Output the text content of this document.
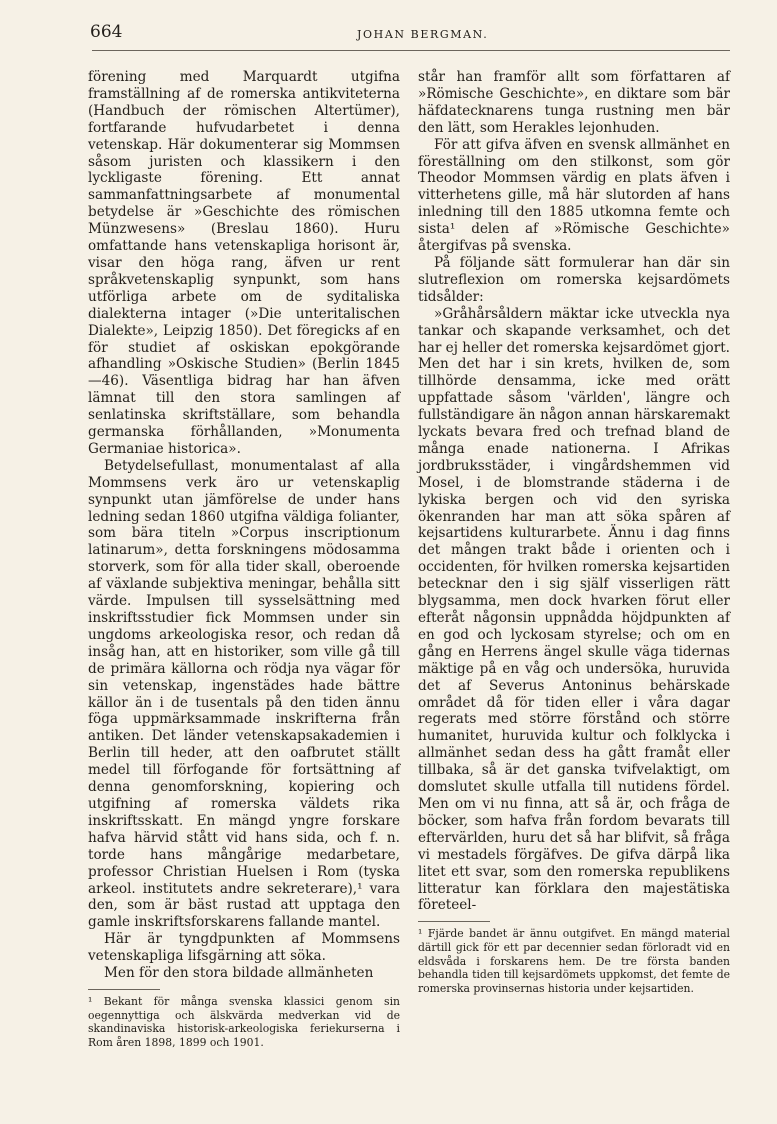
664	JOHAN BERGMAN.

förening med Marquardt utgifna framställning af de romerska antikviteterna (Handbuch der römischen Altertümer), fortfarande hufvudarbetet i denna vetenskap. Här dokumenterar sig Mommsen såsom juristen och klassikern i den lyckligaste förening. Ett annat sammanfattningsarbete af monumental betydelse är »Geschichte des römischen Münzwesens» (Breslau 1860). Huru omfattande hans vetenskapliga horisont är, visar den höga rang, äfven ur rent språkvetenskaplig synpunkt, som hans utförliga arbete om de syditaliska dialekterna intager (»Die unteritalischen Dialekte», Leipzig 1850). Det föregicks af en för studiet af oskiskan epokgörande afhandling »Oskische Studien» (Berlin 1845—46). Väsentliga bidrag har han äfven lämnat till den stora samlingen af senlatinska skriftställare, som behandla germanska förhållanden, »Monumenta Germaniae historica».

Betydelsefullast, monumentalast af alla Mommsens verk äro ur vetenskaplig synpunkt utan jämförelse de under hans ledning sedan 1860 utgifna väldiga folianter, som bära titeln »Corpus inscriptionum latinarum», detta forskningens mödosamma storverk, som för alla tider skall, oberoende af växlande subjektiva meningar, behålla sitt värde. Impulsen till sysselsättning med inskriftsstudier fick Mommsen under sin ungdoms arkeologiska resor, och redan då insåg han, att en historiker, som ville gå till de primära källorna och rödja nya vägar för sin vetenskap, ingenstädes hade bättre källor än i de tusentals på den tiden ännu föga uppmärksammade inskrifterna från antiken. Det länder vetenskapsakademien i Berlin till heder, att den oafbrutet ställt medel till förfogande för fortsättning af denna genomforskning, kopiering och utgifning af romerska väldets rika inskriftsskatt. En mängd yngre forskare hafva härvid stått vid hans sida, och f. n. torde hans mångårige medarbetare, professor Christian Huelsen i Rom (tyska arkeol. institutets andre sekreterare),¹ vara den, som är bäst rustad att upptaga den gamle inskriftsforskarens fallande mantel.

Här är tyngdpunkten af Mommsens vetenskapliga lifsgärning att söka.

Men för den stora bildade allmänheten

¹ Bekant för många svenska klassici genom sin oegennyttiga och älskvärda medverkan vid de skandinaviska historisk-arkeologiska feriekurserna i Rom åren 1898, 1899 och 1901.

står han framför allt som författaren af »Römische Geschichte», en diktare som bär häfdatecknarens tunga rustning men bär den lätt, som Herakles lejonhuden.

För att gifva äfven en svensk allmänhet en föreställning om den stilkonst, som gör Theodor Mommsen värdig en plats äfven i vitterhetens gille, må här slutorden af hans inledning till den 1885 utkomna femte och sista¹ delen af »Römische Geschichte» återgifvas på svenska.

På följande sätt formulerar han där sin slutreflexion om romerska kejsardömets tidsålder:

»Gråhårsåldern mäktar icke utveckla nya tankar och skapande verksamhet, och det har ej heller det romerska kejsardömet gjort. Men det har i sin krets, hvilken de, som tillhörde densamma, icke med orätt uppfattade såsom 'världen', längre och fullständigare än någon annan härskaremakt lyckats bevara fred och trefnad bland de många enade nationerna. I Afrikas jordbruksstäder, i vingårdshemmen vid Mosel, i de blomstrande städerna i de lykiska bergen och vid den syriska ökenranden har man att söka spåren af kejsartidens kulturarbete. Ännu i dag finns det mången trakt både i orienten och i occidenten, för hvilken romerska kejsartiden betecknar den i sig själf visserligen rätt blygsamma, men dock hvarken förut eller efteråt någonsin uppnådda höjdpunkten af en god och lyckosam styrelse; och om en gång en Herrens ängel skulle väga tidernas mäktige på en våg och undersöka, huruvida det af Severus Antoninus behärskade området då för tiden eller i våra dagar regerats med större förstånd och större humanitet, huruvida kultur och folklycka i allmänhet sedan dess ha gått framåt eller tillbaka, så är det ganska tvifvelaktigt, om domslutet skulle utfalla till nutidens fördel. Men om vi nu finna, att så är, och fråga de böcker, som hafva från fordom bevarats till eftervärlden, huru det så har blifvit, så fråga vi mestadels förgäfves. De gifva därpå lika litet ett svar, som den romerska republikens litteratur kan förklara den majestätiska företeel-

¹ Fjärde bandet är ännu outgifvet. En mängd material därtill gick för ett par decennier sedan förloradt vid en eldsvåda i forskarens hem. De tre första banden behandla tiden till kejsardömets uppkomst, det femte de romerska provinsernas historia under kejsartiden.
